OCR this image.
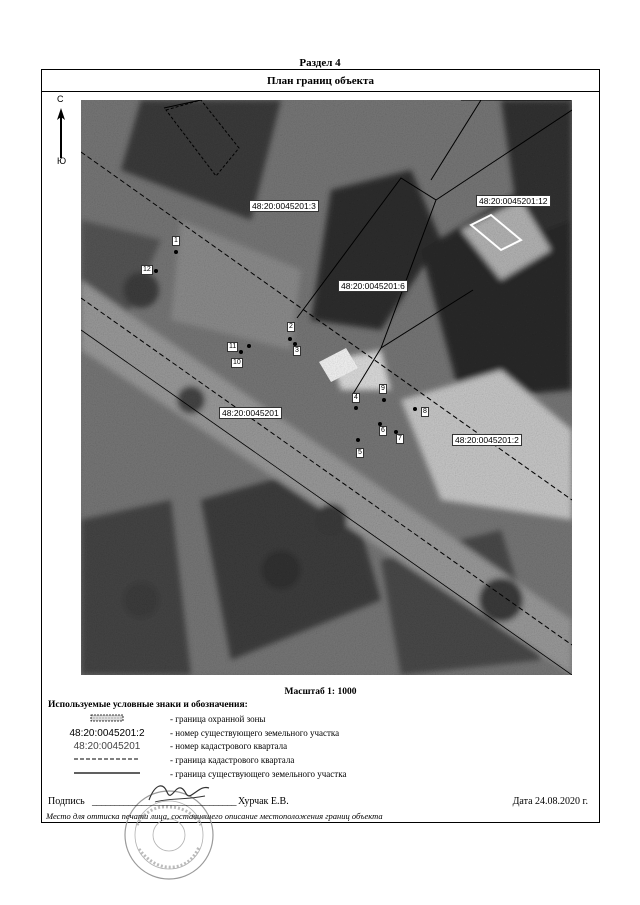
Раздел 4
План границ объекта
С
Ю
48:20:0045201:3	48:20:0045201:12
48:20:0045201:6
48:20:0045201:2
48:20:0045201
1
12
2
11
10
3
4
9
5
6
8
7
Масштаб 1: 1000
Используемые условные знаки и обозначения:
- граница охранной зоны
48:20:0045201:2	- номер существующего земельного участка
48:20:0045201	- номер кадастрового квартала
- граница кадастрового квартала
- граница существующего земельного участка
Подпись ________________________________ Хурчак Е.В.	Дата 24.08.2020 г.
Место для оттиска печати лица, составившего описание местоположения границ объекта
